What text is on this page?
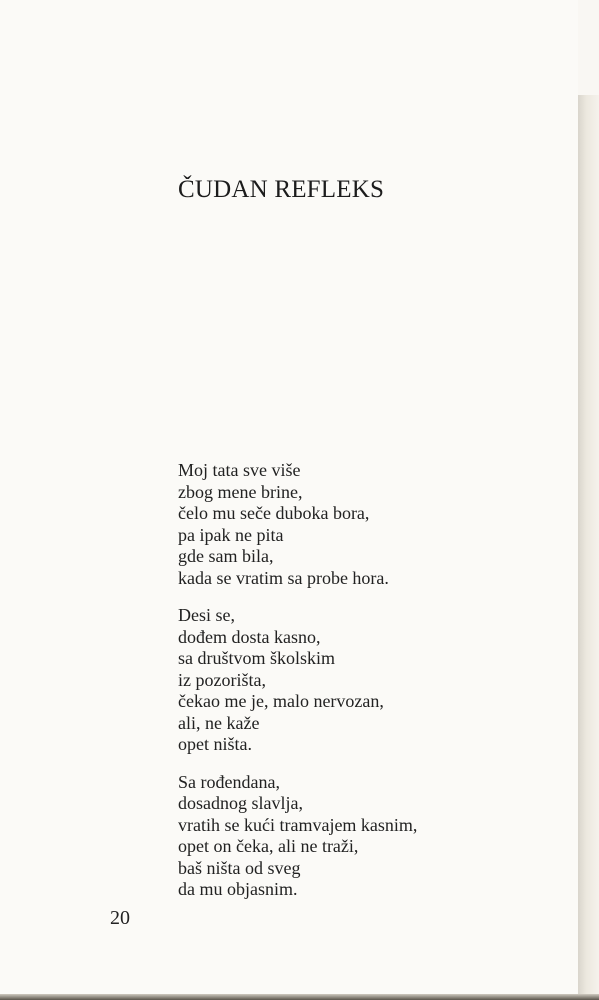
ČUDAN REFLEKS
Moj tata sve više
zbog mene brine,
čelo mu seče duboka bora,
pa ipak ne pita
gde sam bila,
kada se vratim sa probe hora.
Desi se,
dođem dosta kasno,
sa društvom školskim
iz pozorišta,
čekao me je, malo nervozan,
ali, ne kaže
opet ništa.
Sa rođendana,
dosadnog slavlja,
vratih se kući tramvajem kasnim,
opet on čeka, ali ne traži,
baš ništa od sveg
da mu objasnim.
20
